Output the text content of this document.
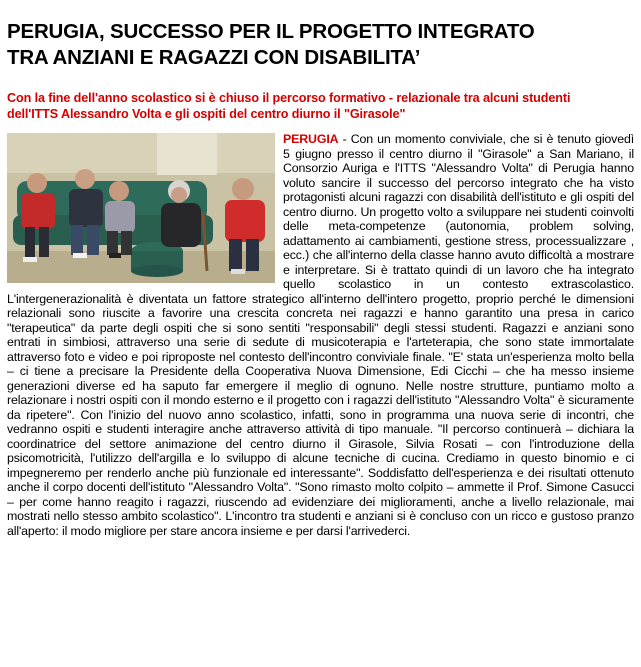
PERUGIA, SUCCESSO PER IL PROGETTO INTEGRATO
TRA ANZIANI E RAGAZZI CON DISABILITA’

Con la fine dell'anno scolastico si è chiuso il percorso formativo - relazionale tra alcuni studenti
dell'ITTS Alessandro Volta e gli ospiti del centro diurno il "Girasole"

PERUGIA - Con un momento conviviale, che si è tenuto giovedì 5 giugno presso il centro diurno il "Girasole" a San Mariano, il Consorzio Auriga e l'ITTS "Alessandro Volta" di Perugia hanno voluto sancire il successo del percorso integrato che ha visto protagonisti alcuni ragazzi con disabilità dell'istituto e gli ospiti del centro diurno. Un progetto volto a sviluppare nei studenti coinvolti delle meta-competenze (autonomia, problem solving, adattamento ai cambiamenti, gestione stress, processualizzare , ecc.) che all'interno della classe hanno avuto difficoltà a mostrare e interpretare. Si è trattato quindi di un lavoro che ha integrato quello scolastico in un contesto extrascolastico. L'intergenerazionalità è diventata un fattore strategico all'interno dell'intero progetto, proprio perché le dimensioni relazionali sono riuscite a favorire una crescita concreta nei ragazzi e hanno garantito una presa in carico "terapeutica" da parte degli ospiti che si sono sentiti "responsabili" degli stessi studenti. Ragazzi e anziani sono entrati in simbiosi, attraverso una serie di sedute di musicoterapia e l'arteterapia, che sono state immortalate attraverso foto e video e poi riproposte nel contesto dell'incontro conviviale finale. "E' stata un'esperienza molto bella – ci tiene a precisare la Presidente della Cooperativa Nuova Dimensione, Edi Cicchi – che ha messo insieme generazioni diverse ed ha saputo far emergere il meglio di ognuno. Nelle nostre strutture, puntiamo molto a relazionare i nostri ospiti con il mondo esterno e il progetto con i ragazzi dell'istituto "Alessandro Volta" è sicuramente da ripetere". Con l'inizio del nuovo anno scolastico, infatti, sono in programma una nuova serie di incontri, che vedranno ospiti e studenti interagire anche attraverso attività di tipo manuale. "Il percorso continuerà – dichiara la coordinatrice del settore animazione del centro diurno il Girasole, Silvia Rosati – con l'introduzione della psicomotricità, l'utilizzo dell'argilla e lo sviluppo di alcune tecniche di cucina. Crediamo in questo binomio e ci impegneremo per renderlo anche più funzionale ed interessante". Soddisfatto dell'esperienza e dei risultati ottenuto anche il corpo docenti dell'istituto "Alessandro Volta". "Sono rimasto molto colpito – ammette il Prof. Simone Casucci – per come hanno reagito i ragazzi, riuscendo ad evidenziare dei miglioramenti, anche a livello relazionale, mai mostrati nello stesso ambito scolastico". L'incontro tra studenti e anziani si è concluso con un ricco e gustoso pranzo all'aperto: il modo migliore per stare ancora insieme e per darsi l'arrivederci.
